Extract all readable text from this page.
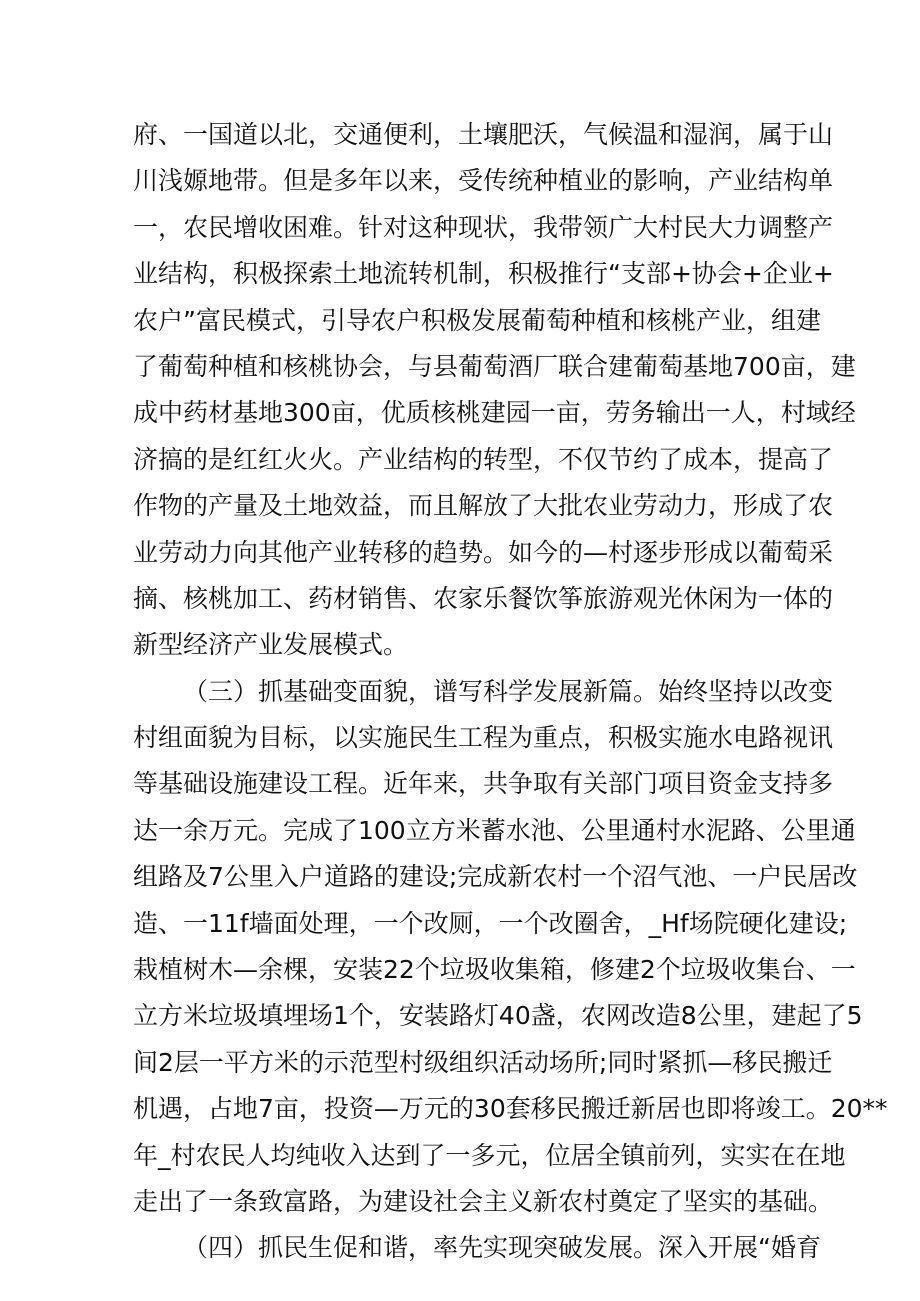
府、一国道以北，交通便利，土壤肥沃，气候温和湿润，属于山
川浅嫄地带。但是多年以来，受传统种植业的影响，产业结构单
一，农民增收困难。针对这种现状，我带领广大村民大力调整产
业结构，积极探索土地流转机制，积极推行“支部+协会+企业+
农户”富民模式，引导农户积极发展葡萄种植和核桃产业，组建
了葡萄种植和核桃协会，与县葡萄酒厂联合建葡萄基地700亩，建
成中药材基地300亩，优质核桃建园一亩，劳务输出一人，村域经
济搞的是红红火火。产业结构的转型，不仅节约了成本，提高了
作物的产量及土地效益，而且解放了大批农业劳动力，形成了农
业劳动力向其他产业转移的趋势。如今的—村逐步形成以葡萄采
摘、核桃加工、药材销售、农家乐餐饮筝旅游观光休闲为一体的
新型经济产业发展模式。
（三）抓基础变面貌，谱写科学发展新篇。始终坚持以改变
村组面貌为目标，以实施民生工程为重点，积极实施水电路视讯
等基础设施建设工程。近年来，共争取有关部门项目资金支持多
达一余万元。完成了100立方米蓄水池、公里通村水泥路、公里通
组路及7公里入户道路的建设;完成新农村一个沼气池、一户民居改
造、一11f墙面处理，一个改厕，一个改圈舍，_Hf场院硬化建设;
栽植树木—余棵，安装22个垃圾收集箱，修建2个垃圾收集台、一
立方米垃圾填埋场1个，安装路灯40盏，农网改造8公里，建起了5
间2层一平方米的示范型村级组织活动场所;同时紧抓—移民搬迁
机遇，占地7亩，投资—万元的30套移民搬迁新居也即将竣工。20**
年_村农民人均纯收入达到了一多元，位居全镇前列，实实在在地
走出了一条致富路，为建设社会主义新农村奠定了坚实的基础。
（四）抓民生促和谐，率先实现突破发展。深入开展“婚育
